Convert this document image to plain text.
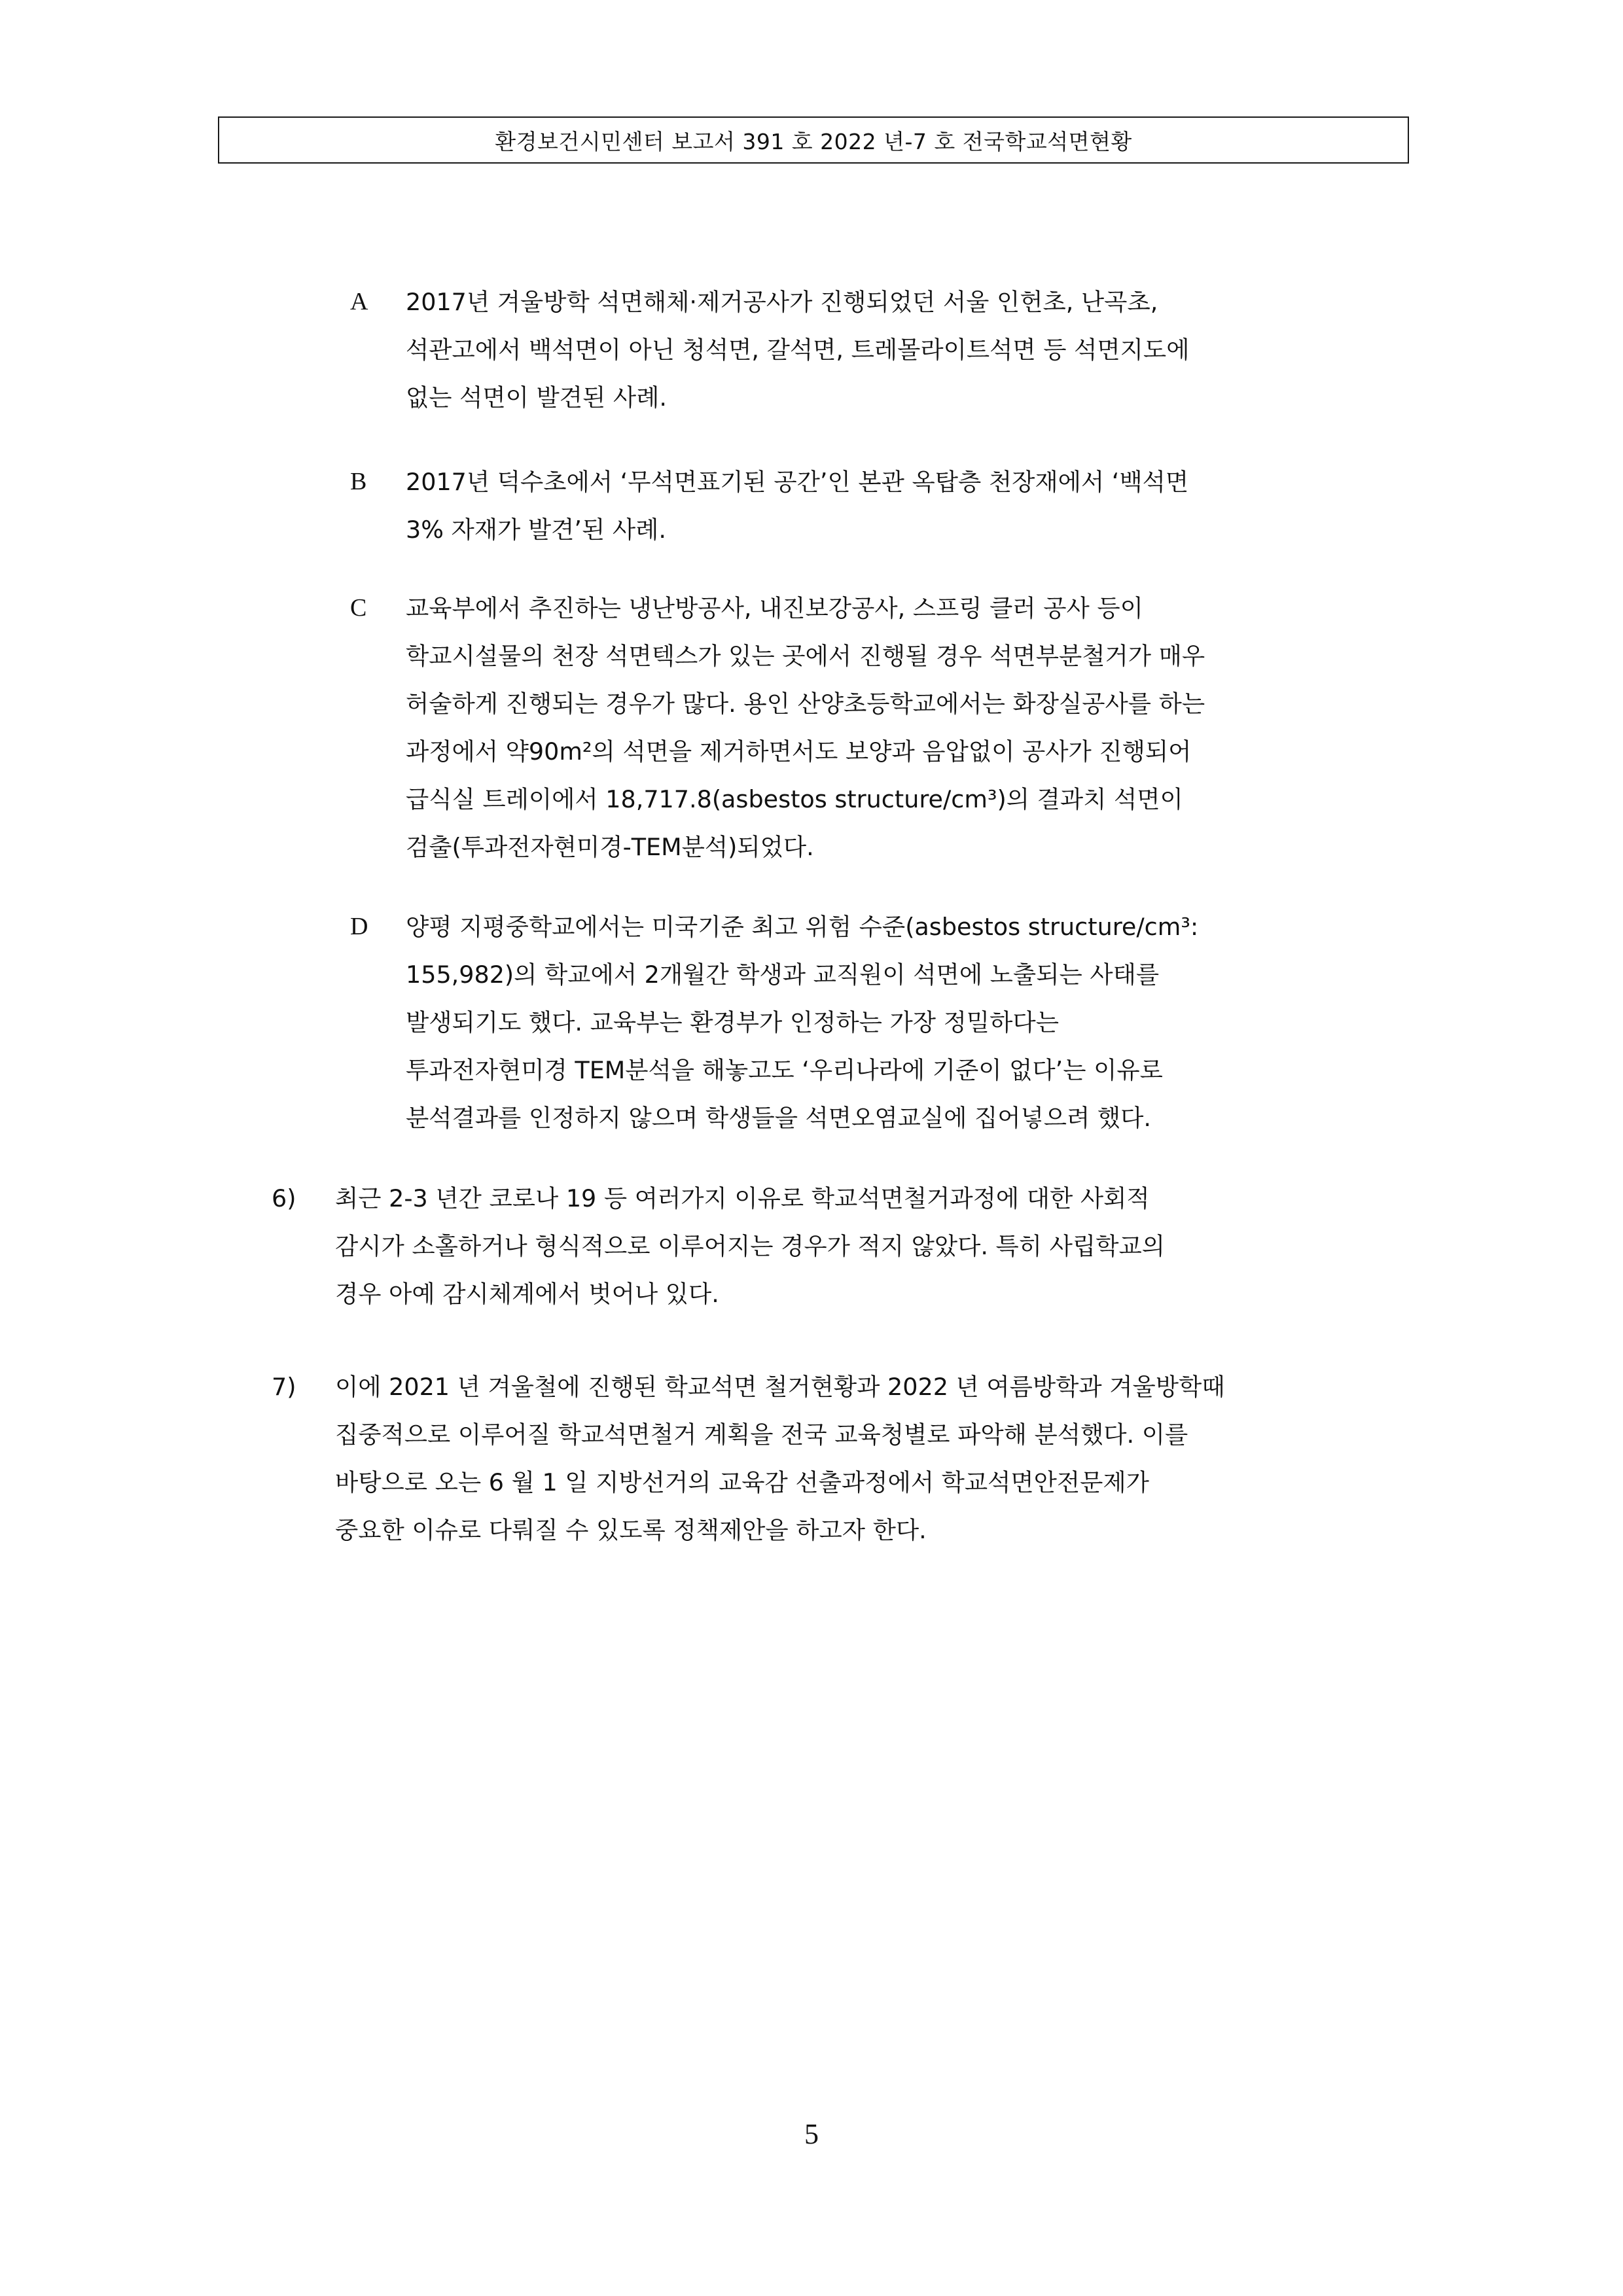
환경보건시민센터 보고서 391 호 2022 년-7 호 전국학교석면현황
A 2017년 겨울방학 석면해체·제거공사가 진행되었던 서울 인헌초, 난곡초,
석관고에서 백석면이 아닌 청석면, 갈석면, 트레몰라이트석면 등 석면지도에
없는 석면이 발견된 사례.
B 2017년 덕수초에서 ‘무석면표기된 공간’인 본관 옥탑층 천장재에서 ‘백석면
3% 자재가 발견’된 사례.
C 교육부에서 추진하는 냉난방공사, 내진보강공사, 스프링 클러 공사 등이
학교시설물의 천장 석면텍스가 있는 곳에서 진행될 경우 석면부분철거가 매우
허술하게 진행되는 경우가 많다. 용인 산양초등학교에서는 화장실공사를 하는
과정에서 약90m²의 석면을 제거하면서도 보양과 음압없이 공사가 진행되어
급식실 트레이에서 18,717.8(asbestos structure/cm³)의 결과치 석면이
검출(투과전자현미경-TEM분석)되었다.
D 양평 지평중학교에서는 미국기준 최고 위험 수준(asbestos structure/cm³:
155,982)의 학교에서 2개월간 학생과 교직원이 석면에 노출되는 사태를
발생되기도 했다. 교육부는 환경부가 인정하는 가장 정밀하다는
투과전자현미경 TEM분석을 해놓고도 ‘우리나라에 기준이 없다’는 이유로
분석결과를 인정하지 않으며 학생들을 석면오염교실에 집어넣으려 했다.
6) 최근 2-3 년간 코로나 19 등 여러가지 이유로 학교석면철거과정에 대한 사회적
감시가 소홀하거나 형식적으로 이루어지는 경우가 적지 않았다. 특히 사립학교의
경우 아예 감시체계에서 벗어나 있다.
7) 이에 2021 년 겨울철에 진행된 학교석면 철거현황과 2022 년 여름방학과 겨울방학때
집중적으로 이루어질 학교석면철거 계획을 전국 교육청별로 파악해 분석했다. 이를
바탕으로 오는 6 월 1 일 지방선거의 교육감 선출과정에서 학교석면안전문제가
중요한 이슈로 다뤄질 수 있도록 정책제안을 하고자 한다.
5
